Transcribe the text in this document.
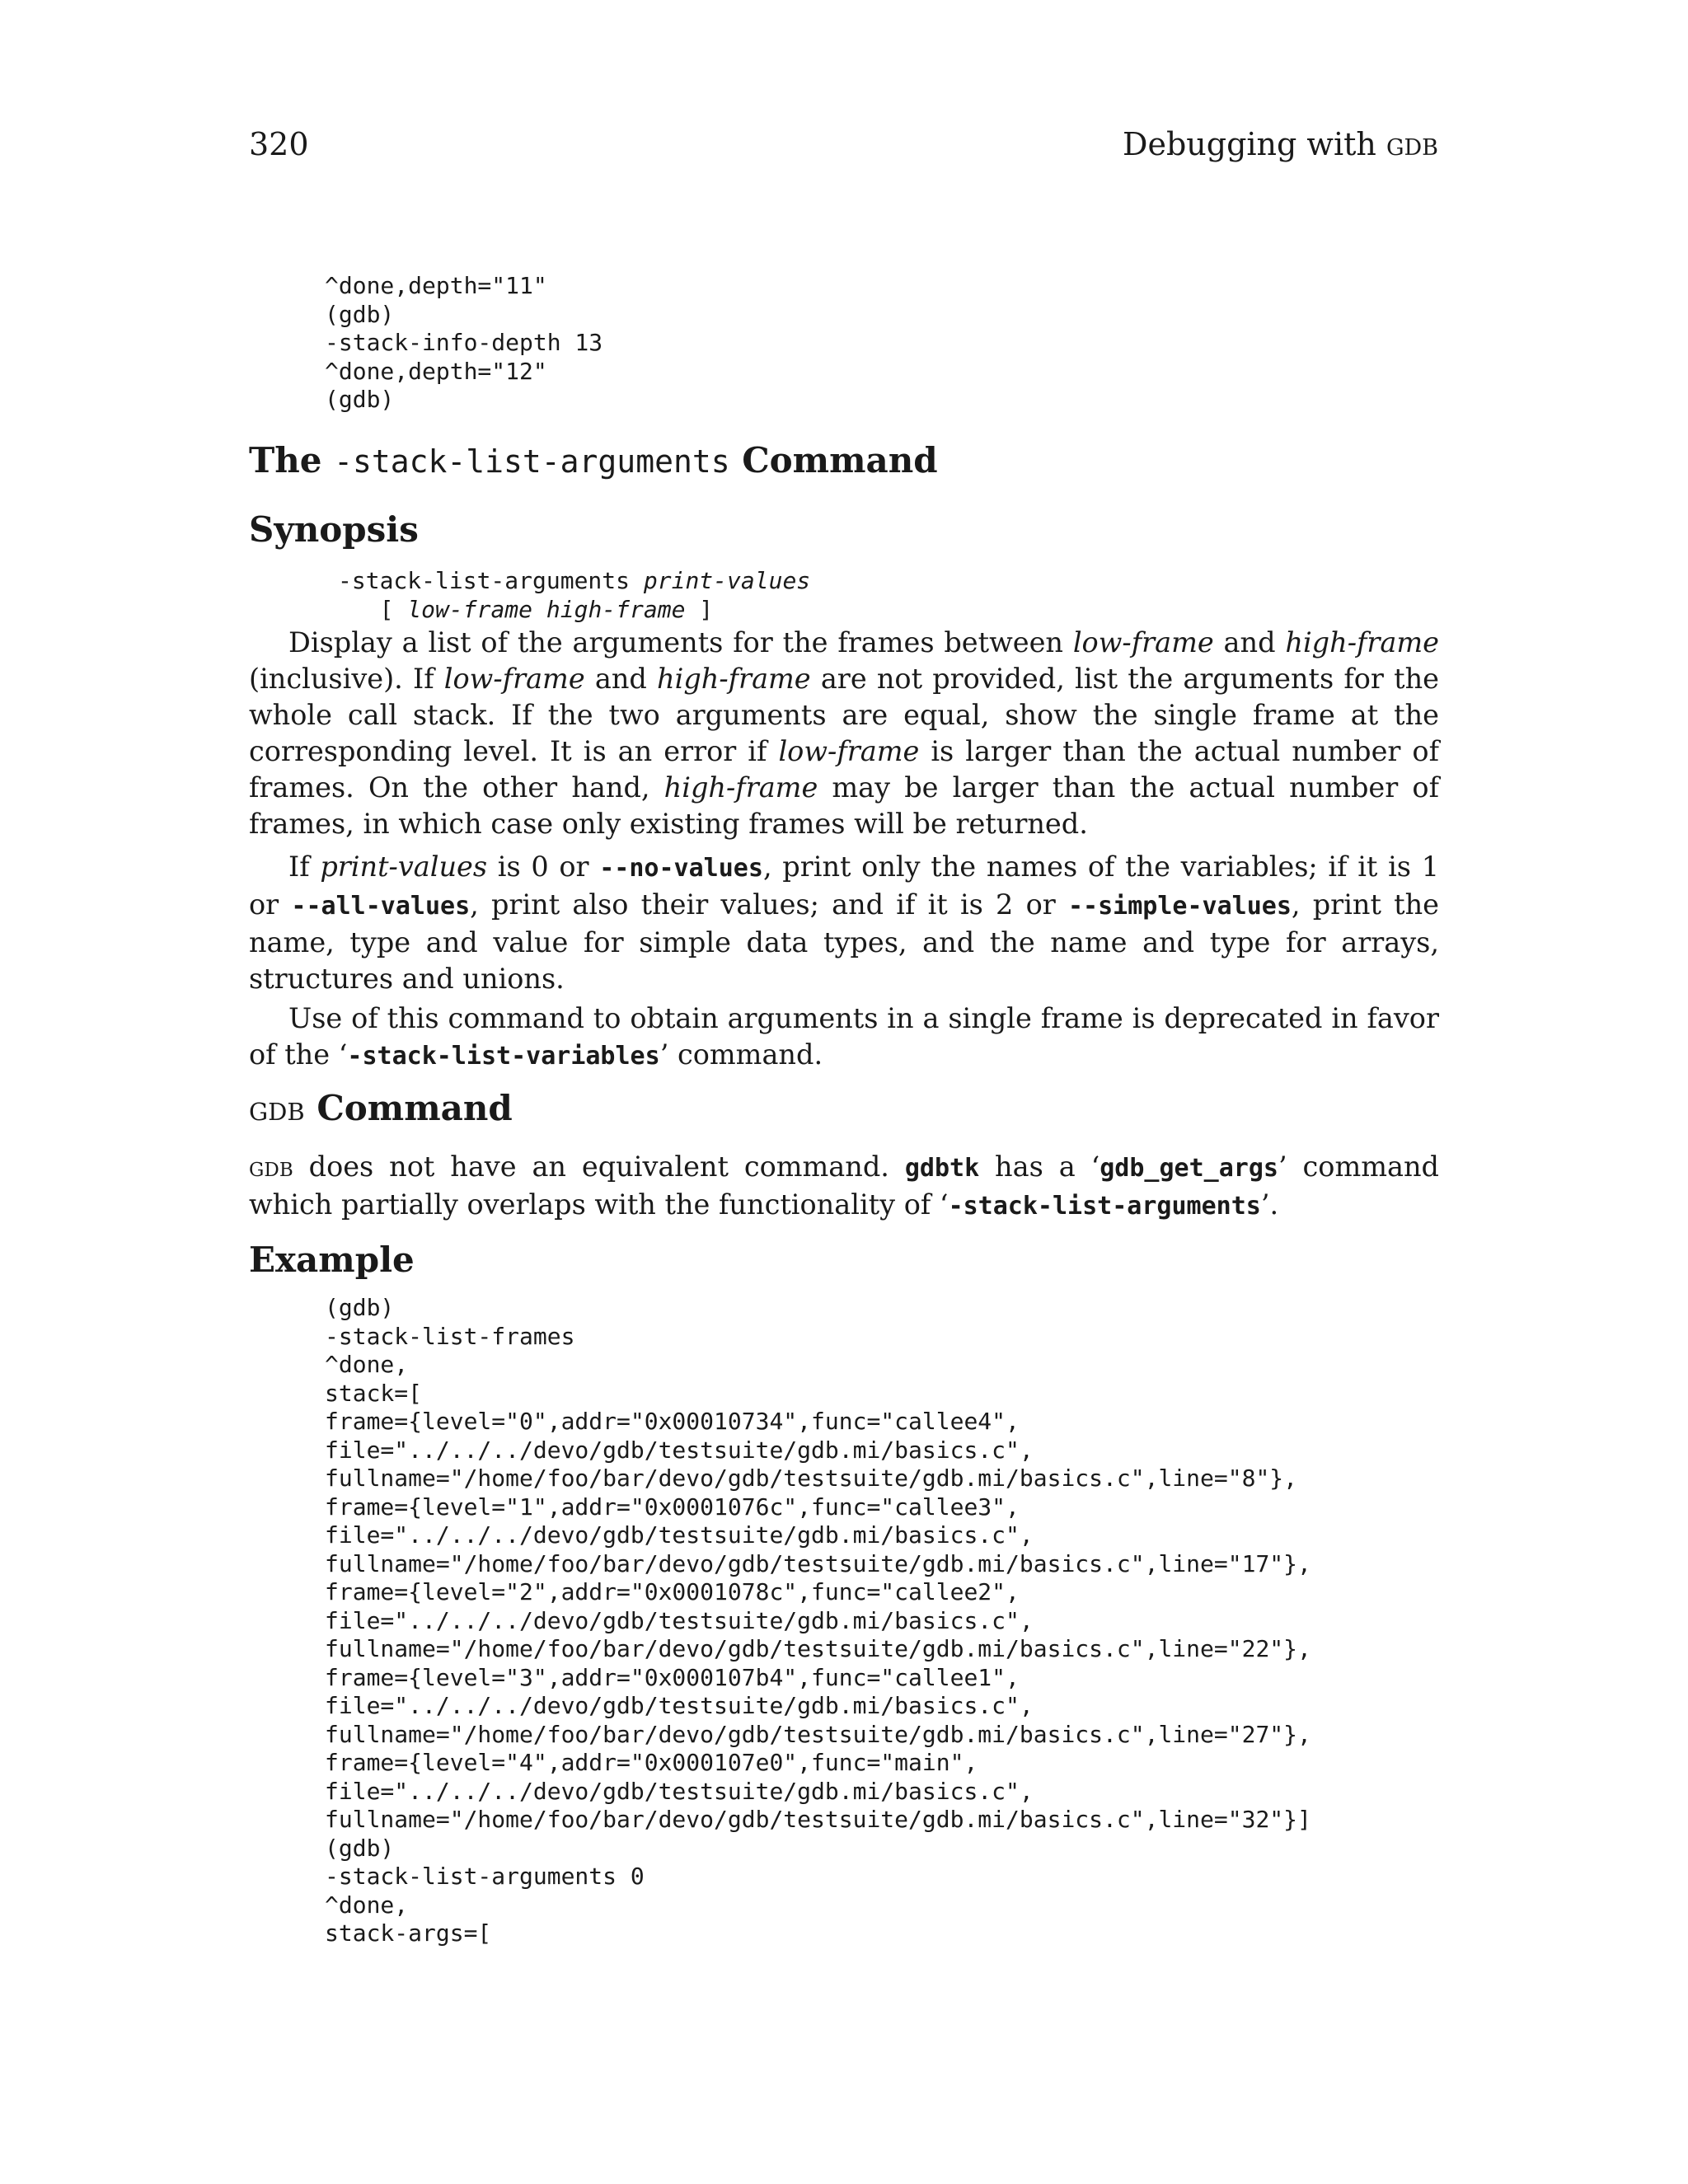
320	Debugging with gdb
^done,depth="11"
(gdb)
-stack-info-depth 13
^done,depth="12"
(gdb)
The -stack-list-arguments Command
Synopsis
-stack-list-arguments print-values
[ low-frame high-frame ]

Display a list of the arguments for the frames between low-frame and high-frame (inclusive). If low-frame and high-frame are not provided, list the arguments for the whole call stack. If the two arguments are equal, show the single frame at the corresponding level. It is an error if low-frame is larger than the actual number of frames. On the other hand, high-frame may be larger than the actual number of frames, in which case only existing frames will be returned.

If print-values is 0 or --no-values, print only the names of the variables; if it is 1 or --all-values, print also their values; and if it is 2 or --simple-values, print the name, type and value for simple data types, and the name and type for arrays, structures and unions.

Use of this command to obtain arguments in a single frame is deprecated in favor of the ‘-stack-list-variables’ command.

gdb Command

gdb does not have an equivalent command. gdbtk has a ‘gdb_get_args’ command which partially overlaps with the functionality of ‘-stack-list-arguments’.

Example
(gdb)
-stack-list-frames
^done,
stack=[
frame={level="0",addr="0x00010734",func="callee4",
file="../../../devo/gdb/testsuite/gdb.mi/basics.c",
fullname="/home/foo/bar/devo/gdb/testsuite/gdb.mi/basics.c",line="8"},
frame={level="1",addr="0x0001076c",func="callee3",
file="../../../devo/gdb/testsuite/gdb.mi/basics.c",
fullname="/home/foo/bar/devo/gdb/testsuite/gdb.mi/basics.c",line="17"},
frame={level="2",addr="0x0001078c",func="callee2",
file="../../../devo/gdb/testsuite/gdb.mi/basics.c",
fullname="/home/foo/bar/devo/gdb/testsuite/gdb.mi/basics.c",line="22"},
frame={level="3",addr="0x000107b4",func="callee1",
file="../../../devo/gdb/testsuite/gdb.mi/basics.c",
fullname="/home/foo/bar/devo/gdb/testsuite/gdb.mi/basics.c",line="27"},
frame={level="4",addr="0x000107e0",func="main",
file="../../../devo/gdb/testsuite/gdb.mi/basics.c",
fullname="/home/foo/bar/devo/gdb/testsuite/gdb.mi/basics.c",line="32"}]
(gdb)
-stack-list-arguments 0
^done,
stack-args=[
